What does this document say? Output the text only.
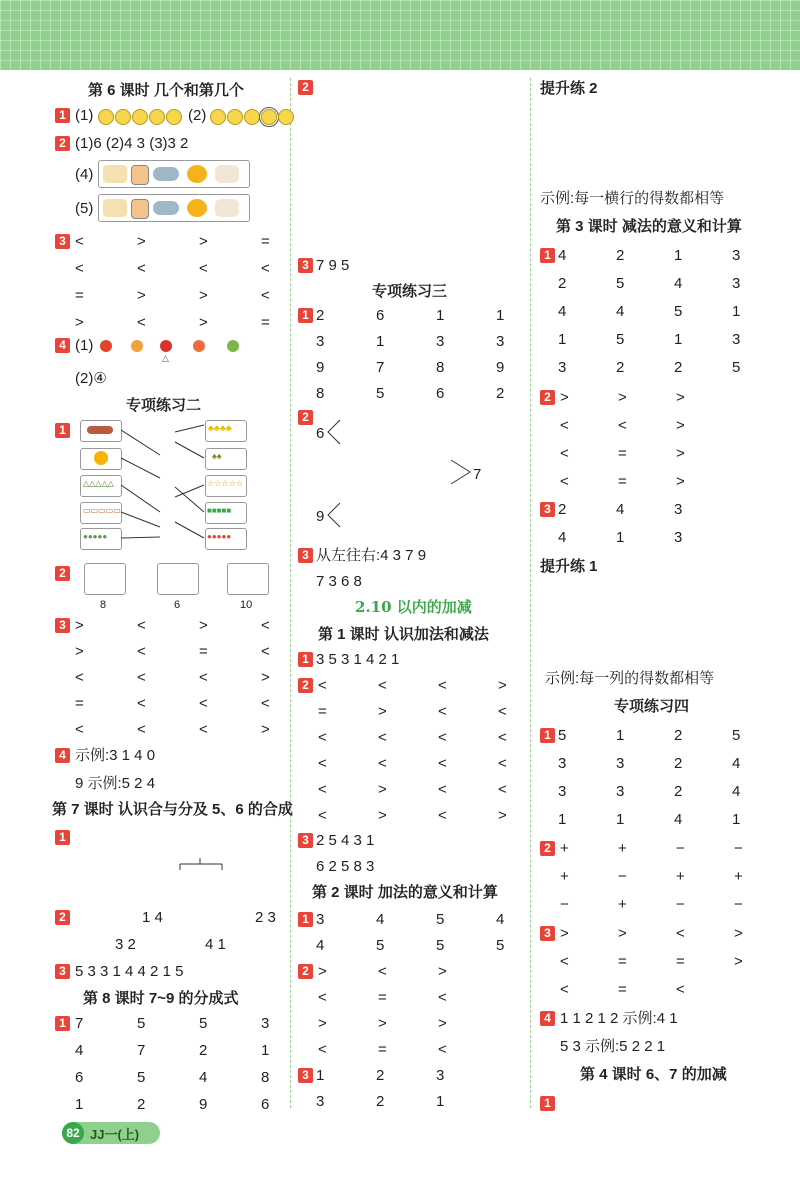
第 6 课时 几个和第几个
1 (1)	(2)
2 (1)6 (2)4 3 (3)3 2
(4)
(5)
3 <	>	>	=
<	<	<	<
=	>	>	<
>	<	>	=
4 (1)
△
(2)④
专项练习二
1
△△△△△
▭▭▭▭▭
●●●●●
♣♣♣♣
♠♠
☆☆☆☆☆
■■■■■
●●●●●
2
8	6	10
3 >	<	>	<
>	<	=	<
<	<	<	>
=	<	<	<
<	<	<	>
4 示例:3 1 4 0
9 示例:5 2 4
第 7 课时 认识合与分及 5、6 的合成
1
2	1 4	2 3
3 2	4 1
3 5 3 3 1 4 4 2 1 5
第 8 课时 7~9 的分成式
1 7	5	5	3
4	7	2	1
6	5	4	8
1	2	9	6
2
3 7 9 5
专项练习三
1 2	6	1	1
3	1	3	3
9	7	8	9
8	5	6	2
2
6
7
9
3 从左往右:4 3 7 9
7 3 6 8
2.10 以内的加减
第 1 课时 认识加法和减法
1 3 5 3 1 4 2 1
2 <	<	<	>
=	>	<	<
<	<	<	<
<	<	<	<
<	>	<	<
<	>	<	>
3 2 5 4 3 1
6 2 5 8 3
第 2 课时 加法的意义和计算
1 3	4	5	4
4	5	5	5
2 >	<	>
<	=	<
>	>	>
<	=	<
3 1	2	3
3	2	1
提升练 2
示例:每一横行的得数都相等
第 3 课时 减法的意义和计算
1 4	2	1	3
2	5	4	3
4	4	5	1
1	5	1	3
3	2	2	5
2 >	>	>
<	<	>
<	=	>
<	=	>
3 2	4	3
4	1	3
提升练 1
示例:每一列的得数都相等
专项练习四
1 5	1	2	5
3	3	2	4
3	3	2	4
1	1	4	1
2 +	+	−	−
+	−	+	+
−	+	−	−
3 >	>	<	>
<	=	=	>
<	=	<
4 1 1 2 1 2 示例:4 1
5 3 示例:5 2 2 1
第 4 课时 6、7 的加减
1
82 JJ一(上)
